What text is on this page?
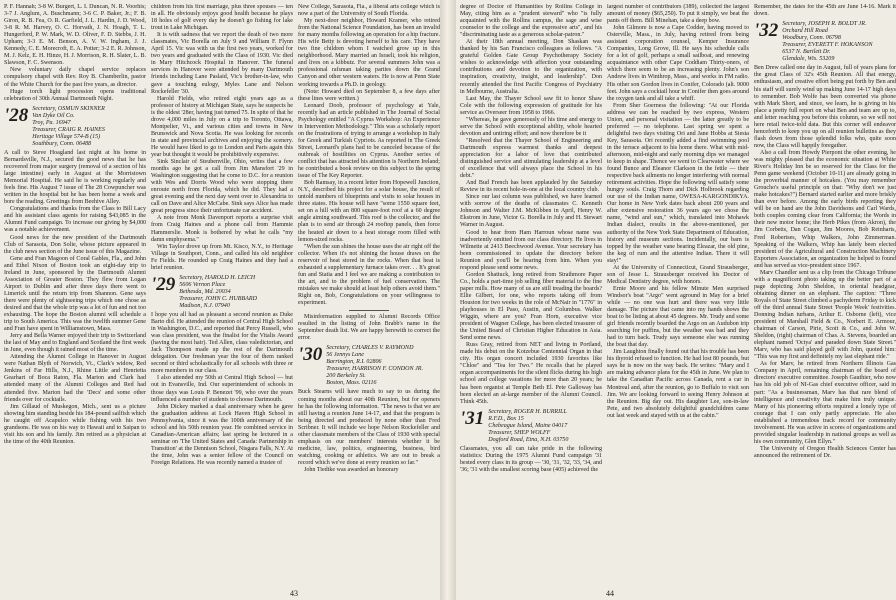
P. F. Hannah; 3-8 W. Burgert, L. I. Duncan, N. R. Voorhis; 3-7 J. Anglum, A. Buschmann; 3-6 C. P. Baker, Jr.; F. B. Giron, R. B. Fea, O. R. Garfield, J. L. Hardin, J. D. Wood, 3-8 R. M. Harvey, O. C. Horvath, J. N. Hoagh, T. L. Hungerford, P. W. Mark, W. D. Oliver, F. D. Stebbs, J. H. Upham; 3-3 E. M. Benson, A. V. W. Ingham, J. J. Kennedy, C. E. Morecroft, E. A. Potter; 3-2 E. R. Johnson, M. J. Kelz, E. H. Hinze, H. J. Morrison, R. H. Slater, L. B. Slawson, F. C. Swenson.

New voluntary daily chapel service replaces compulsory chapel with Rev. Roy B. Chamberlin, pastor of the White Church for the past five years, as director.

Huge torch light procession opens traditional celebration of 30th Annual Dartmouth Night.

'28 Secretary, OSMUN SKINNER
Van Dyke Oil Co.
Troy, Pa. 16947
Treasurer, CRAIG R. HAINES
Heritage Village 574-B (15)
Southbury, Conn. 06488

A call to Steve Hoagland last night at his home in Bernardsville, N.J., secured the good news that he has recovered from major surgery (removal of a section of his large intestine) early in August at the Morristown Memorial Hospital. He said he is working regularly and feels fine. His August 7 issue of The 28 Cowpuncher was written in the hospital but he has been home a week and bore the reading. Greetings from Beehive Alley.

Congratulations and thanks from the Class to Bill Lacy and his assistant class agents for raising $43,085 in the Alumni Fund campaign. To increase our giving by $4,000 was a notable achievement.

Good news for the new president of the Dartmouth Club of Sarasota, Don Solie, whose picture appeared in the club news section of the June issue of this Magazine.

Gene and Fran Magoon of Coral Gables, Fla., and John and Ethel Nixon of Boston took an eight-day trip to Ireland in June, sponsored by the Dartmouth Alumni Association of Greater Boston. They flew from Logan Airport to Dublin and after three days there went to Limerick until the return trip from Shannon. Gene says there were plenty of sightseeing trips which one chose as desired and that the whole trip was a lot of fun and not too exhausting. The hope the Boston alumni will schedule a trip to South America. This was the twelfth summer Gene and Fran have spent in Williamstown, Mass.

Jerry and Bella Warner enjoyed their trip to Switzerland the last of May and to England and Scotland the first week in June, even though it rained most of the time.

Attending the Alumni College in Hanover in August were Nathan Blyth of Norwich, Vt., Clark's widow, Red Jenkins of Far Hills, N.J., Rhine Little and Henrietta Gearhart of Boca Raton, Fla. Marion and Clark had attended many of the Alumni Colleges and Red had attended five. Marion had the 'Decs' and some other friends over for cocktails.

Jim Gillaud of Muskegon, Mich., sent us a picture showing him standing beside his 184-pound sailfish which he caught off Acapulco while fishing with his two grandsons. He was on his way to Hawaii and to Saipan to visit his son and his family. Jim retired as a physician at the time of the 40th Reunion.

children from his first marriage, plus three spouses — ten in all. He obviously enjoys good health because he plays 18 holes of golf every day he doesn't go fishing for lake trout in Lake Michigan.

It is with sadness that we report the death of two more classmates, Vic Borella on July 9 and William F. Flynn April 15. Vic was with us the first two years, worked for two years and graduated with the Class of 1930. Vic died in Mary Hitchcock Hospital in Hanover. The funeral services in Hanover were attended by many Dartmouth friends including Lane Paslaid, Vic's brother-in-law, who gave a touching eulogy, Myles Lane and Nelson Rockefeller '30.

Harold Fields, who retired eight years ago as a professor of history at Michigan State, says he suspects he is the oldest '28er, having just turned 75. In spite of that he drove 4,000 miles in July on a trip to Toronto, Ottawa, Montpelier, Vt., and various cities and towns in New Brunswick and Nova Scotia. He was looking for records in state and provincial archives and enjoying the scenery. He would have liked to go to London and Paris again this year but thought it would be prohibitively expensive.

Sink Sinclair of Steubenville, Ohio, writes that a few months ago he got a call from Jim Mansfort '29 in Washington suggesting that he come to D.C. for a reunion with Wes and Dorris Wood who were stopping there enroute north from Florida, which he did. They had a great evening and the next day went over to Alexandria to call on Dave and Alice McCabe. Sink says Alice has made great progress since their unfortunate car accident.

A note from Monk Davenport reports a surprise visit from Craig Haines and a phone call from Hammie Hammerslie. Monk is bothered by what he calls "my damn emphysema."

Win Taylor drove up from Mt. Kisco, N.Y., to Heritage Village in Southport, Conn., and called his old neighbor Fe Fields. He rounded up Craig Haines and they had a brief reunion.

'29 Secretary, HAROLD H. LEICH
5606 Vernon Place
Bethesda, Md. 20034
Treasurer, JOHN C. HUBBARD
Madison, N.J. 07940

I hope you all had as pleasant a second reunion as Duke Barto did. He attended the reunion of Central High School in Washington, D.C., and reported that Percy Russell, who was class president, was the finalist for the Vitalis Award (having the most hair). Ted Allen, class valedictorian, and Jack Thompson made up the rest of the Dartmouth delegation. Our freshman year the four of them ranked second or third scholastically for all schools with three or more members in our class.

I also attended my 50th at Central High School — but out in Evansville, Ind. Our superintendent of schools in those days was Louis P. Benezet '99, who over the years influenced a number of students to choose Dartmouth.

John Dickey marked a dual anniversary when he gave the graduation address at Lock Haven High School in Pennsylvania, since it was the 100th anniversary of the school and his 50th reunion year. He combined service in Canadian-American affairs; last spring he lectured in a seminar on 'The United States and Canada: Partnership in Transition' at the Dennison School, Nisgara Falls, N.Y. At the time, John was a senior fellow of the Council on Foreign Relations. He was recently named a trustee of

New College, Sarasota, Fla., a liberal arts college which is now a part of the University of South Florida.

My next-door neighbor, Howard Kramer, who retired from the National Science Foundation, has been an invalid for many months following an operation for a hip fracture. His wife Betty is devoting herself to his care. They have two fine children whom I watched grow up in this neighborhood. Mary married an Israeli, took his religion, and lives on a kibbutz. For several summers John was a professional rafsman taking parties down the Grand Canyon and other western waters. He is now at Penn State working towards a Ph.D. in geology.

(Note: Howard died on September 8, a few days after these lines were written.)

Leonard Doob, professor of psychology at Yale, recently had an article published in The Journal of Social Psychology entitled "A Cyprus Workshop: An Experience in Intervention Methodology." This was a scholarly report on the frustrations of trying to arrange a workshop in Italy for Greek and Turkish Cypriots. As reported in The Greek Street, Leonard's plans had to be canceled because of the outbreak of hostilities on Cyprus. Another series of conflict that has attracted his attention is Northern Ireland; he contributed a book review on this subject to the spring issue of The Key Reporter.

Bob Ramsay, in a recent letter from Hopewell Junction, N.Y., described his project for a solar house, the result of untold numbers of blueprints and visits to solar houses in three states. His house will have "some 1550 square feet, set on a hill with an 800 square-foot roof at a 60 degree angle aiming southward. This roof is the collector, and the plan is to send air through 24 rooftop panels, then force the heated air down to a heat storage room filled with lemon-sized rocks.

"When the sun shines the house uses the air right off the collector. When it's not shining the house draws on the reservoir of heat stored in the rocks. When that heat is exhausted a supplementary furnace takes over. . . It's great fun and Statia and I feel we are making a contribution to the art, and to the problem of fuel conservation. The mistakes we make should at least help others avoid them." Right on, Bob, Congratulations on your willingness to experiment.

Misinformation supplied to Alumni Records Office resulted in the listing of John Brabb's name in the September death list. We are happy herewith to correct the error.

'30 Secretary, CHARLES V. RAYMOND
56 Jennys Lane
Barrington, R.I. 02806
Treasurer, HARRISON F. CONDON JR.
200 Berkeley St.
Boston, Mass. 02116

Buck Stearns will have much to say to us during the coming months about our 40th Reunion, but for openers he has the following information. "The news is that we are still having a reunion June 14-17, and that the program is being directed and produced by none other than Fred Scribner. It will include we hope Nelson Rockefeller and other classmate members of the Class of 1930 with special emphasis on our members' interests whether it be medicine, law, politics, engineering, business, bird watching, cooking or athletics. We are out to break a record which we've done at every reunion so far."

John Tiedtke was awarded an honorary

43

degree of Doctor of Humanities by Rollins College in May, citing him as a "prudent steward" who "is fully acquainted with the Rollins campus, the sage and wise counselor to the college and the expressive arts", and his "discriminating taste as a generous scholar-patron."

At their 18th annual meeting, Don Shaskan was thanked by his San Francisco colleagues as follows. "A grateful Golden Gate Group Psychotherapy Society wishes to acknowledge with affection your outstanding contributions and devotion to the organization, with inspiration, creativity, insight, and leadership". Don recently attended the first Pacific Congress of Psychiatry in Melbourne, Australia.

Last May, the Thayer School saw fit to honor Shaw Cole with the following expression of gratitude for his service as Overseer from 1958 to 1966.

"Whereas, he gave generously of his time and energy to serve the School with exceptional ability, whole hearted devotion and untiring effort; and now therefore be it

"Resolved that the Thayer School of Engineering and Dartmouth express warmest thanks and deepest appreciation for a labor of love that contributed distinguished service and stimulating leadership at a level of excellence that will always place the School in his debt."

And Bud French has been applauded by the Saturday Review in its recent hole-in-one at the local country club.

Since our last column was published, we have learned with sorrow of the deaths of classmates C. Kenneth Johnson and Walter J.M. McKibben in April, Henry W. Ekstrom in June, Victor G. Borella in July and H. Stewart Warner in August.

Good to hear from Ham Harroun whose name was inadvertently omitted from our class directory. He lives in Wilmette at 2413 Beechwood Avenue. Your secretary has been commissioned to update the directory before Reunion and you'll be hearing from him. When you respond please send some news.

Gordon Shattuck, long retired from Strathmore Paper Co., holds a part-time job selling fiber material to the fine paper mills. How many of us are still treading the boards? Ellie Gilbert, for one, who reports taking off from Houston for two weeks in the role of McNair in "1776" in playhouses in El Paso, Austin, and Columbus. Walker Wiggin, where are you? Fran Horn, executive vice president of Wagner College, has been elected treasurer of the United Board of Christian Higher Education in Asia. Send some news.

Russ Gray, retired from NET and living in Portland, made his debut on the Kotzebue Centennial Organ in that city. His organ concert included 1930 favorites like "Chloe" and "Tea for Two." He recalls that he played organ accompaniments for the silent flicks during his high school and college vacations for more than 20 years; he has been organist at Temple Beth El. Pete Galloway has been elected an at-large member of the Alumni Council. Think 45th.

'31 Secretary, ROGER H. BURRILL
R.F.D., Box 15
Chebeague Island, Maine 04017
Treasurer, SHEP WOLFF
Dogford Road, Etna, N.H. 03750

Classmates, you all can take pride in the following statistics: During the 1975 Alumni Fund campaign '31 bested every class in its group — '30, '31, '32, '33, '34, and '36; '31 with the smallest scoring base (405) achieved the

largest number of contributors (389), collected the largest amount of money ($65,250). To put it simply, we beat the pants off them. Bill Minehan, take a deep bow.

John Gilmore is now a Cape Codder, having moved to Osterville, Mass., in July, having retired from being assistant corporation counsel, Kemper Insurance Companies, Long Grove, Ill. He says his schedule calls for a lot of golf, perhaps a small sailboat, and renewing acquaintance with other Cape Coddiam Thirty-oners, of which there seem to be an increasing plenty. John's son Andrew lives in Winthrop, Mass., and works in FM radio. His other son Gordon lives in Conifer, Colorado (alt. 9000 feet. John says a cocktail hour in Conifer then goes around the oxygen tank and all take a whiff.

From Sher Goerness the following: "At our Florida address we can be reached by two express, Western Union, and personal visitation — the latter greatly to be preferred — no telephone. Last spring we spent a delightful two days visiting Ori and Jane Hobbs at Siesta Key, Sarasota. Ori recently added a find swimming pool in the terrace adjacent to his home there. What with mid-afternoon, mid-night and early morning dips we managed to keep in shape. Thence we went to Clearwater where we found Bunce and Eleanor Clarkson in the fettle — their respective back ailments no longer interfering with normal retirement activities. Hope the following will satisfy some hungry souls. Craig Thorn and Dick Holbrook regarding our use of the Indian name, OWESA-KARGONDIKYA. Our home in New York dates back about 200 years and after extensive restoration 36 years ago we chose the name, "wind and sun," which, translated into Mohawk Indian dialect, results in the above-mentioned, per authority of the New York State Department of Education, history and museum sections. Incidentally, our barn is topped by the weather vane bearing Eleazar, the old pine, the keg of rum and the attentive Indian. There it will stay!"

At the University of Connecticut, Grand Strausberger, son of Jesse L. Strausberger received his Doctor of Medical Dentistry degree, with honors.

Ernie Moore and his fellow Minute Men surprised Windsor's boat "Argo" went aground in May for a brief while — no one was hurt and there was very little damage. The picture that came into my hands shows the boat to be listing at about 45 degrees. Mr. Trudy and some girl friends recently boarded the Argo on an Audubon trip searching for puffins, but the weather was bad and they had to turn back. Trudy says someone else was running the boat that day.

Jim Laughton finally found out that his trouble has been his thyroid refused to function. He had lost 80 pounds, but says he is now on the way back. He writes: "Mary and I are making advance plans for the 45th in June. We plan to take the Canadian Pacific across Canada, rent a car in Montreal and, after the reunion, go to Buffalo to visit son Jim. We are looking forward to seeing Henry Johnson at the Reunion. Big day out. His daughter Lee, son-in-law Pete, and two absolutely delightful grandchildren came out last week and stayed with us at the cabin."

Remember, the dates for the 45th are June 14-16. Mark it down.

'32 Secretary, JOSEPH R. BOLDT JR.
Orchard Hill Road
Woodbury, Conn. 06798
Treasurer, EVERETT F. HOKANSON
6537 N. Bartlett Dr.
Glendale, Wis. 53209

Ben Drew called one day in August, full of years plans for the great Class of 32's 45th Reunion. All that energy, enthusiasm, and creative effort being put forth by Ben and his staff will surely wind up making June 14-17 high days to remember. Bob Wolfe has been converted via phone with Mark Short, and since, we learn, he is giving in his place a pretty full report on what Ben and team are up to, and letter reaching you before this column, so we will not here retail twice-told data. But this corner will endeavor henceforth to keep you up on all reunion bulletins as they flash down from those splendid folks who, quite soon now, the Class will happily foregather.

Also a call from Howdy Pierpont the other evening, he was mighty pleased that the economic situation at White River's Holiday Inn be so reserved for the Class for the Penn game weekend (October 10-11) are already going in the proverbial manner of hotcakes. (You may remember Groucho's useful principle on that: "Why don't we just make hotcakes?") Bernard started earlier and more briskly than ever before. Among the early birds reporting they will be on hand are the John Davidsons and Carl Wards, both couples coming clear from California; the Words in their new motor home; the Herb Pikes (from Akron), the Jim Corbetts, Dan Cogan, Jim Moores, Bob Reinharts, Fred Robertses, Whip Walkers, John Zimmerman. Speaking of the Walkers, Whip has lately been elected president of the Agricultural and Construction Machinery Exporters Association, an organization he helped to found and has served as vice-president since 1967.

Marv Chandler sent us a clip from the Chicago Tribune with a magnificent photo taking up the better part of a page depicting John Sheldon, in oriental headgear, obtaining dinner on an elephant. The caption: "Three Royals of State Street climbed a pachyderm Friday to kick off the third annual State Street 'People Week' festivities. Donning Indian turbans, Arthur E. Osborne (left), vice president of Marshall Field & Co., Norbert E. Armour, chairman of Carson, Pirie, Scott & Co., and John W. Sheldon, (right) chairman of Chas. A. Stevens, boarded an elephant named 'Octya' and paraded down State Street." Marv, who has said played golf with John, quoted him: "This was my first and definitely my last elephant ride."

As for Marv, he retired from Northern Illinois Gas Company in April, remaining chairman of the board of directors' executive committee. Joseph Gauthier, who now has his old job of NI-Gas chief executive officer, said in part: "As a businessman, Marv has that rare blend of intelligence and creativity that make him truly unique. Many of his pioneering efforts required a lonely type of courage that I can only partly appreciate. He also established a tremendous track record for community involvement. He was active in scores of organizations and provided singular leadership in national groups as well as his own community, Glen Ellyn."

The University of Oregon Health Sciences Center has announced the retirement of Dr.

44
